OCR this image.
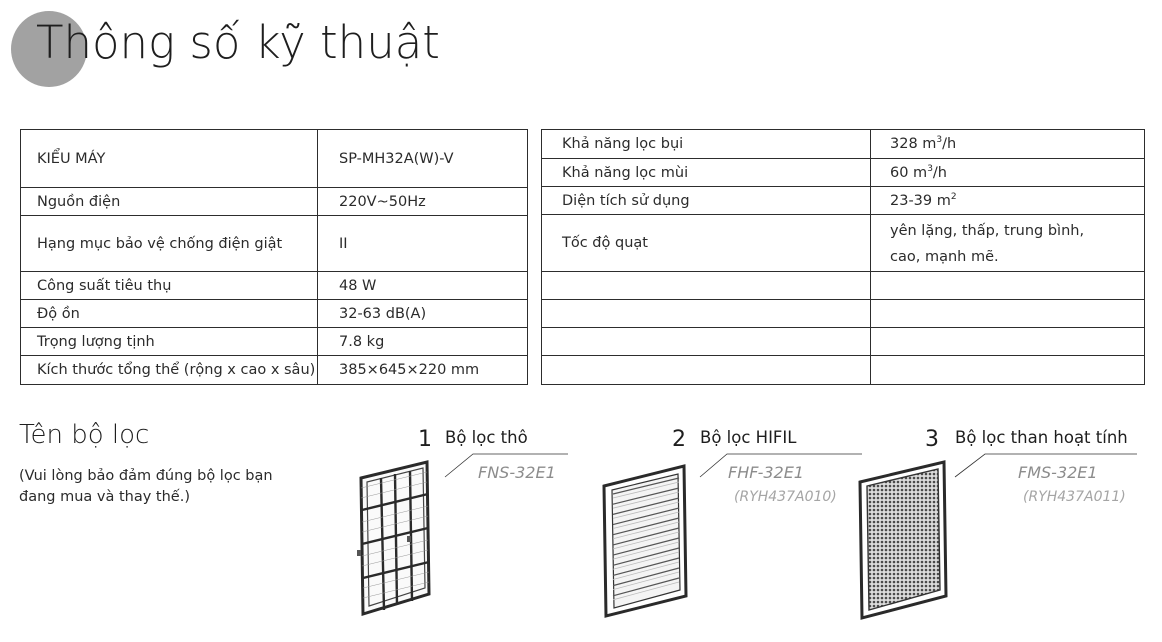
Thông số kỹ thuật
KIỂU MÁY	SP-MH32A(W)-V
Nguồn điện	220V~50Hz
Hạng mục bảo vệ chống điện giật	II
Công suất tiêu thụ	48 W
Độ ồn	32-63 dB(A)
Trọng lượng tịnh	7.8 kg
Kích thước tổng thể (rộng x cao x sâu)	385×645×220 mm
Khả năng lọc bụi	328 $m^3/h$
Khả năng lọc mùi	60 $m^3/h$
Diện tích sử dụng	23-39 $m^2$
Tốc độ quạt	yên lặng, thấp, trung bình,
cao, mạnh mẽ.

Tên bộ lọc
(Vui lòng bảo đảm đúng bộ lọc bạn đang mua và thay thế.)
1 Bộ lọc thô
FNS-32E1
2 Bộ lọc HIFIL
FHF-32E1
(RYH437A010)
3 Bộ lọc than hoạt tính
FMS-32E1
(RYH437A011)
